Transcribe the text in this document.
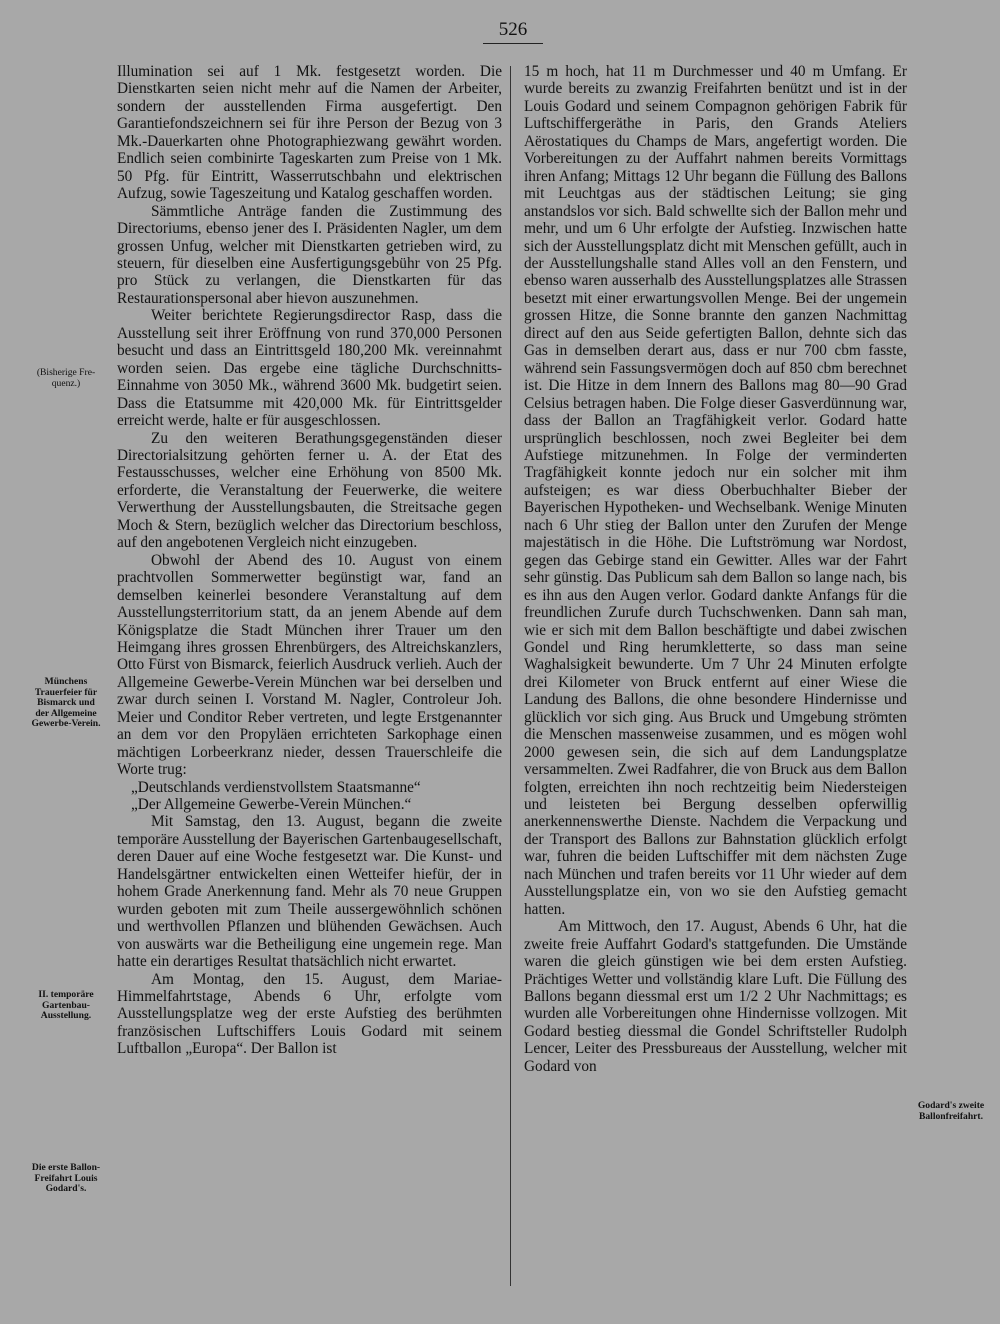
526
(Bisherige Fre-
quenz.)
Münchens
Trauerfeier für
Bismarck und
der Allgemeine
Gewerbe-Verein.
II. temporäre
Gartenbau-
Ausstellung.
Die erste Ballon-
Freifahrt Louis
Godard's.
Godard's zweite
Ballonfreifahrt.

Illumination sei auf 1 Mk. festgesetzt worden. Die Dienstkarten seien nicht mehr auf die Namen der Arbeiter, sondern der ausstellenden Firma ausgefertigt. Den Garantiefondszeichnern sei für ihre Person der Bezug von 3 Mk.-Dauerkarten ohne Photographiezwang gewährt worden. Endlich seien combinirte Tageskarten zum Preise von 1 Mk. 50 Pfg. für Eintritt, Wasserrutschbahn und elektrischen Aufzug, sowie Tageszeitung und Katalog geschaffen worden.

Sämmtliche Anträge fanden die Zustimmung des Directoriums, ebenso jener des I. Präsidenten Nagler, um dem grossen Unfug, welcher mit Dienstkarten getrieben wird, zu steuern, für dieselben eine Ausfertigungsgebühr von 25 Pfg. pro Stück zu verlangen, die Dienstkarten für das Restaurationspersonal aber hievon auszunehmen.

Weiter berichtete Regierungsdirector Rasp, dass die Ausstellung seit ihrer Eröffnung von rund 370,000 Personen besucht und dass an Eintrittsgeld 180,200 Mk. vereinnahmt worden seien. Das ergebe eine tägliche Durchschnitts-Einnahme von 3050 Mk., während 3600 Mk. budgetirt seien. Dass die Etatsumme mit 420,000 Mk. für Eintrittsgelder erreicht werde, halte er für ausgeschlossen.

Zu den weiteren Berathungsgegenständen dieser Directorialsitzung gehörten ferner u. A. der Etat des Festausschusses, welcher eine Erhöhung von 8500 Mk. erforderte, die Veranstaltung der Feuerwerke, die weitere Verwerthung der Ausstellungsbauten, die Streitsache gegen Moch & Stern, bezüglich welcher das Directorium beschloss, auf den angebotenen Vergleich nicht einzugeben.

Obwohl der Abend des 10. August von einem prachtvollen Sommerwetter begünstigt war, fand an demselben keinerlei besondere Veranstaltung auf dem Ausstellungsterritorium statt, da an jenem Abende auf dem Königsplatze die Stadt München ihrer Trauer um den Heimgang ihres grossen Ehrenbürgers, des Altreichskanzlers, Otto Fürst von Bismarck, feierlich Ausdruck verlieh. Auch der Allgemeine Gewerbe-Verein München war bei derselben und zwar durch seinen I. Vorstand M. Nagler, Controleur Joh. Meier und Conditor Reber vertreten, und legte Erstgenannter an dem vor den Propyläen errichteten Sarkophage einen mächtigen Lorbeerkranz nieder, dessen Trauerschleife die Worte trug:

„Deutschlands verdienstvollstem Staatsmanne“

„Der Allgemeine Gewerbe-Verein München.“

Mit Samstag, den 13. August, begann die zweite temporäre Ausstellung der Bayerischen Gartenbaugesellschaft, deren Dauer auf eine Woche festgesetzt war. Die Kunst- und Handelsgärtner entwickelten einen Wetteifer hiefür, der in hohem Grade Anerkennung fand. Mehr als 70 neue Gruppen wurden geboten mit zum Theile aussergewöhnlich schönen und werthvollen Pflanzen und blühenden Gewächsen. Auch von auswärts war die Betheiligung eine ungemein rege. Man hatte ein derartiges Resultat thatsächlich nicht erwartet.

Am Montag, den 15. August, dem Mariae-Himmelfahrtstage, Abends 6 Uhr, erfolgte vom Ausstellungsplatze weg der erste Aufstieg des berühmten französischen Luftschiffers Louis Godard mit seinem Luftballon „Europa“. Der Ballon ist

15 m hoch, hat 11 m Durchmesser und 40 m Umfang. Er wurde bereits zu zwanzig Freifahrten benützt und ist in der Louis Godard und seinem Compagnon gehörigen Fabrik für Luftschiffergeräthe in Paris, den Grands Ateliers Aërostatiques du Champs de Mars, angefertigt worden. Die Vorbereitungen zu der Auffahrt nahmen bereits Vormittags ihren Anfang; Mittags 12 Uhr begann die Füllung des Ballons mit Leuchtgas aus der städtischen Leitung; sie ging anstandslos vor sich. Bald schwellte sich der Ballon mehr und mehr, und um 6 Uhr erfolgte der Aufstieg. Inzwischen hatte sich der Ausstellungsplatz dicht mit Menschen gefüllt, auch in der Ausstellungshalle stand Alles voll an den Fenstern, und ebenso waren ausserhalb des Ausstellungsplatzes alle Strassen besetzt mit einer erwartungsvollen Menge. Bei der ungemein grossen Hitze, die Sonne brannte den ganzen Nachmittag direct auf den aus Seide gefertigten Ballon, dehnte sich das Gas in demselben derart aus, dass er nur 700 cbm fasste, während sein Fassungsvermögen doch auf 850 cbm berechnet ist. Die Hitze in dem Innern des Ballons mag 80—90 Grad Celsius betragen haben. Die Folge dieser Gasverdünnung war, dass der Ballon an Tragfähigkeit verlor. Godard hatte ursprünglich beschlossen, noch zwei Begleiter bei dem Aufstiege mitzunehmen. In Folge der verminderten Tragfähigkeit konnte jedoch nur ein solcher mit ihm aufsteigen; es war diess Oberbuchhalter Bieber der Bayerischen Hypotheken- und Wechselbank. Wenige Minuten nach 6 Uhr stieg der Ballon unter den Zurufen der Menge majestätisch in die Höhe. Die Luftströmung war Nordost, gegen das Gebirge stand ein Gewitter. Alles war der Fahrt sehr günstig. Das Publicum sah dem Ballon so lange nach, bis es ihn aus den Augen verlor. Godard dankte Anfangs für die freundlichen Zurufe durch Tuchschwenken. Dann sah man, wie er sich mit dem Ballon beschäftigte und dabei zwischen Gondel und Ring herumkletterte, so dass man seine Waghalsigkeit bewunderte. Um 7 Uhr 24 Minuten erfolgte drei Kilometer von Bruck entfernt auf einer Wiese die Landung des Ballons, die ohne besondere Hindernisse und glücklich vor sich ging. Aus Bruck und Umgebung strömten die Menschen massenweise zusammen, und es mögen wohl 2000 gewesen sein, die sich auf dem Landungsplatze versammelten. Zwei Radfahrer, die von Bruck aus dem Ballon folgten, erreichten ihn noch rechtzeitig beim Niedersteigen und leisteten bei Bergung desselben opferwillig anerkennenswerthe Dienste. Nachdem die Verpackung und der Transport des Ballons zur Bahnstation glücklich erfolgt war, fuhren die beiden Luftschiffer mit dem nächsten Zuge nach München und trafen bereits vor 11 Uhr wieder auf dem Ausstellungsplatze ein, von wo sie den Aufstieg gemacht hatten.

Am Mittwoch, den 17. August, Abends 6 Uhr, hat die zweite freie Auffahrt Godard's stattgefunden. Die Umstände waren die gleich günstigen wie bei dem ersten Aufstieg. Prächtiges Wetter und vollständig klare Luft. Die Füllung des Ballons begann diessmal erst um 1/2 2 Uhr Nachmittags; es wurden alle Vorbereitungen ohne Hindernisse vollzogen. Mit Godard bestieg diessmal die Gondel Schriftsteller Rudolph Lencer, Leiter des Pressbureaus der Ausstellung, welcher mit Godard von
